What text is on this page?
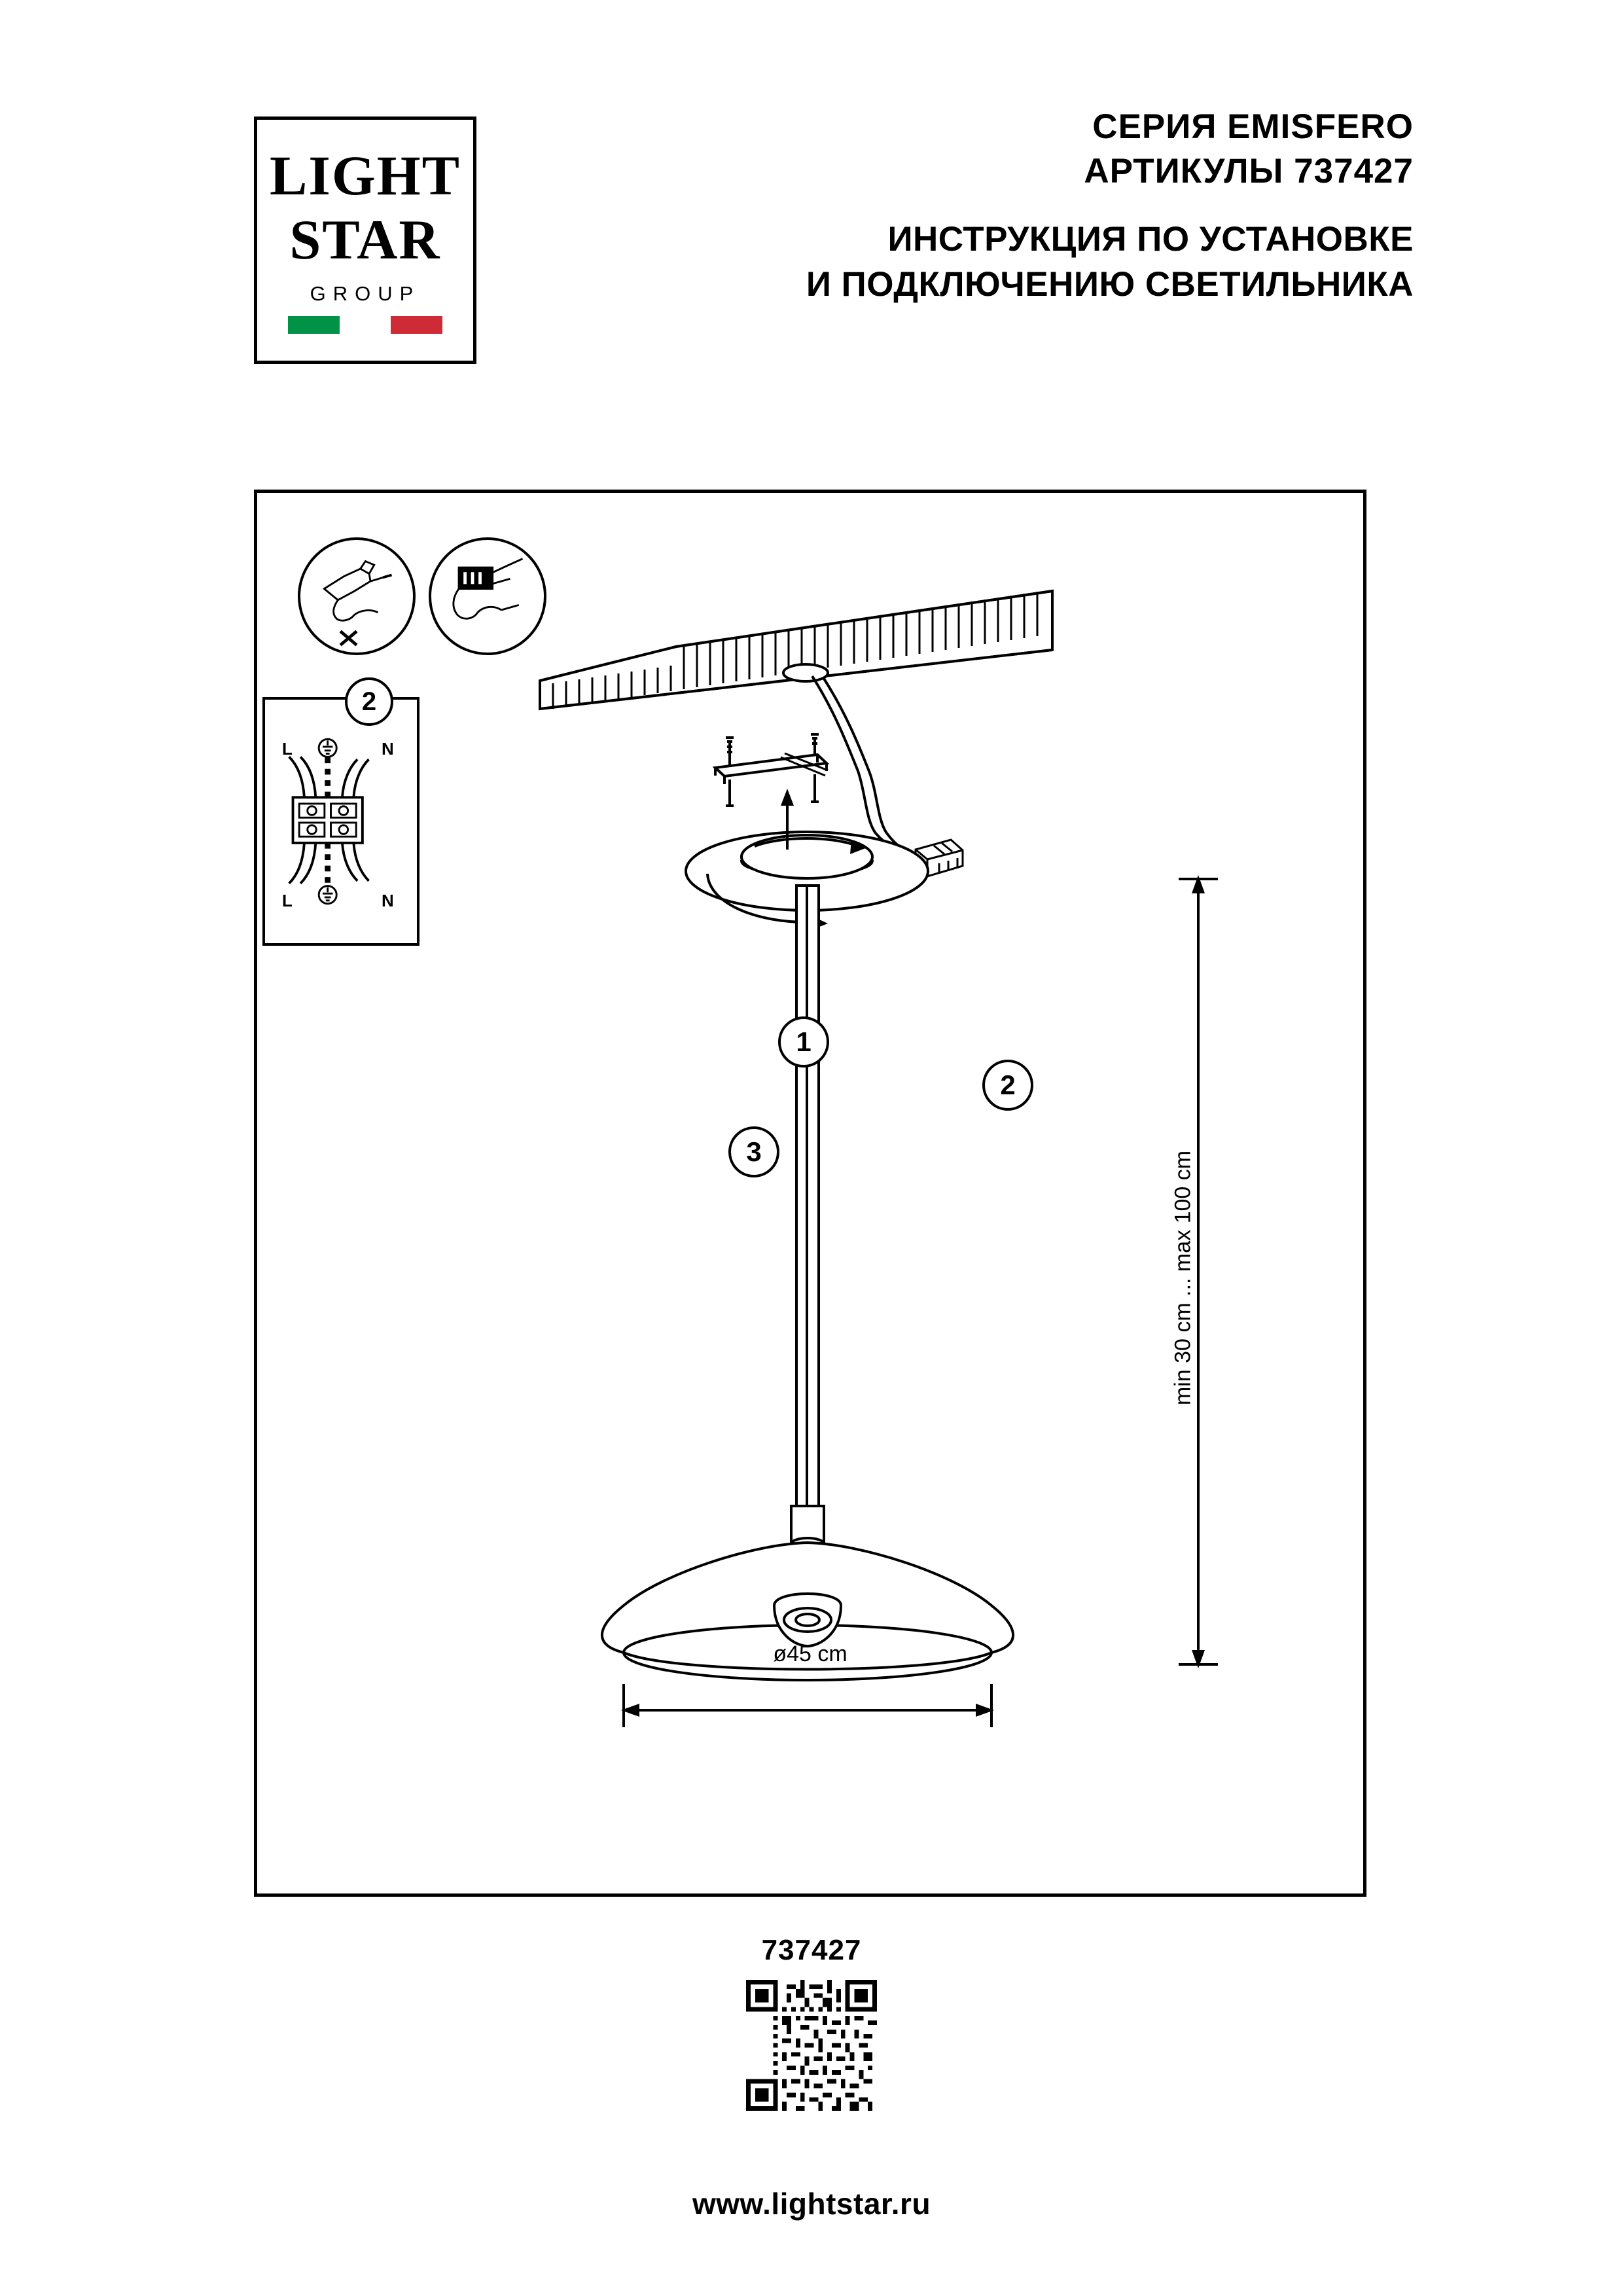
LIGHT
STAR
GROUP
СЕРИЯ EMISFERO
АРТИКУЛЫ 737427
ИНСТРУКЦИЯ ПО УСТАНОВКЕ
И ПОДКЛЮЧЕНИЮ СВЕТИЛЬНИКА
2
L	N
L	N
1
2
3	min 30 cm ... max 100 cm
ø45 cm
737427
www.lightstar.ru
